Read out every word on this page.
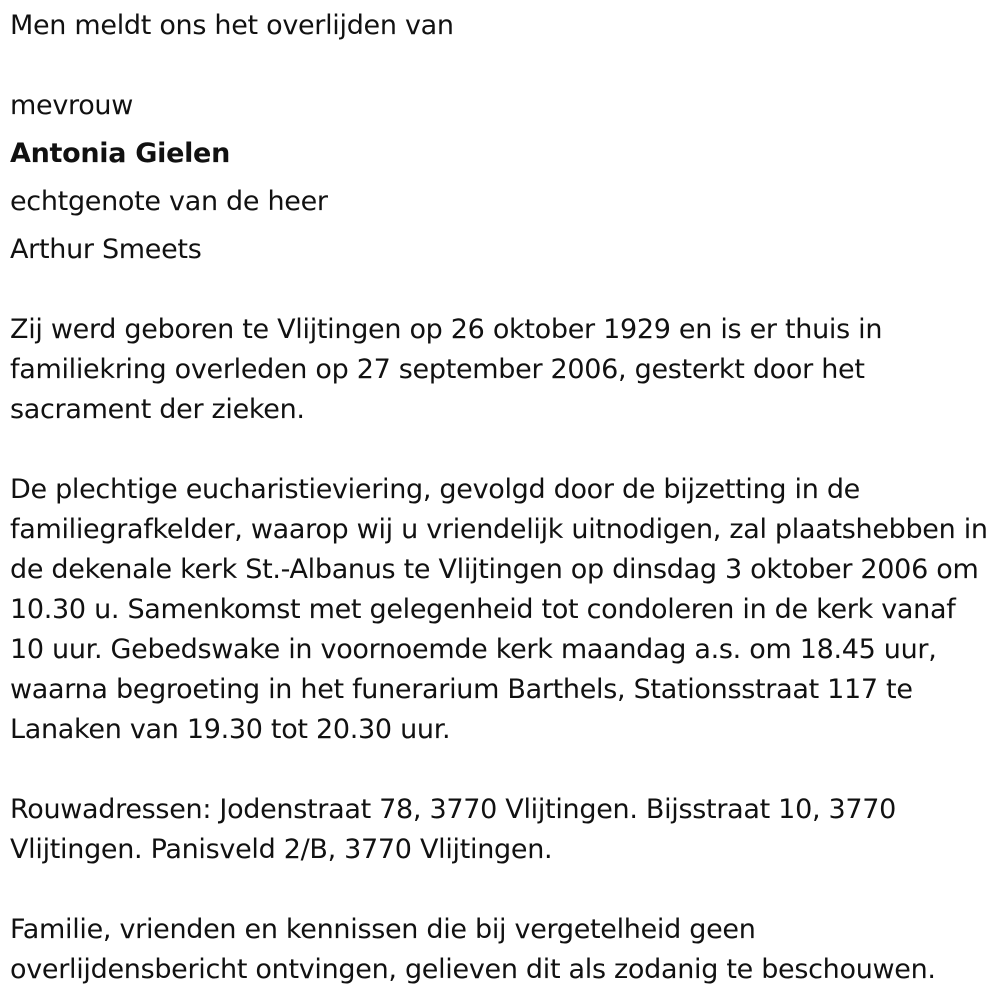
Men meldt ons het overlijden van

mevrouw

Antonia Gielen

echtgenote van de heer

Arthur Smeets

Zij werd geboren te Vlijtingen op 26 oktober 1929 en is er thuis in

familiekring overleden op 27 september 2006, gesterkt door het

sacrament der zieken.

De plechtige eucharistieviering, gevolgd door de bijzetting in de

familiegrafkelder, waarop wij u vriendelijk uitnodigen, zal plaatshebben in

de dekenale kerk St.-Albanus te Vlijtingen op dinsdag 3 oktober 2006 om

10.30 u. Samenkomst met gelegenheid tot condoleren in de kerk vanaf

10 uur. Gebedswake in voornoemde kerk maandag a.s. om 18.45 uur,

waarna begroeting in het funerarium Barthels, Stationsstraat 117 te

Lanaken van 19.30 tot 20.30 uur.

Rouwadressen: Jodenstraat 78, 3770 Vlijtingen. Bijsstraat 10, 3770

Vlijtingen. Panisveld 2/B, 3770 Vlijtingen.

Familie, vrienden en kennissen die bij vergetelheid geen

overlijdensbericht ontvingen, gelieven dit als zodanig te beschouwen.
